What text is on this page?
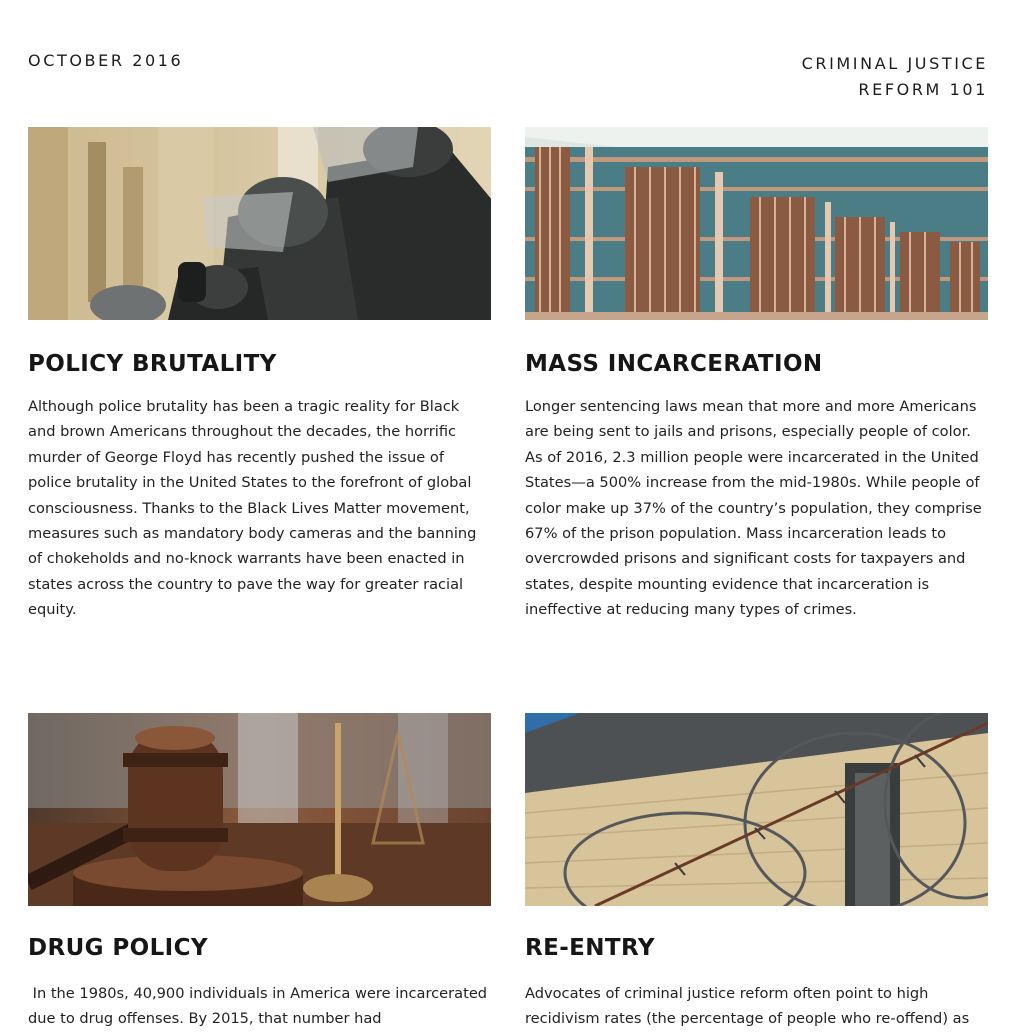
OCTOBER 2016	CRIMINAL JUSTICE
REFORM 101
POLICY BRUTALITY

Although police brutality has been a tragic reality for Black and brown Americans throughout the decades, the horrific murder of George Floyd has recently pushed the issue of police brutality in the United States to the forefront of global consciousness. Thanks to the Black Lives Matter movement, measures such as mandatory body cameras and the banning of chokeholds and no-knock warrants have been enacted in states across the country to pave the way for greater racial equity.

MASS INCARCERATION

Longer sentencing laws mean that more and more Americans are being sent to jails and prisons, especially people of color. As of 2016, 2.3 million people were incarcerated in the United States—a 500% increase from the mid-1980s. While people of color make up 37% of the country’s population, they comprise 67% of the prison population. Mass incarceration leads to overcrowded prisons and significant costs for taxpayers and states, despite mounting evidence that incarceration is ineffective at reducing many types of crimes.

DRUG POLICY

In the 1980s, 40,900 individuals in America were incarcerated due to drug offenses. By 2015, that number had

RE-ENTRY

Advocates of criminal justice reform often point to high recidivism rates (the percentage of people who re-offend) as
